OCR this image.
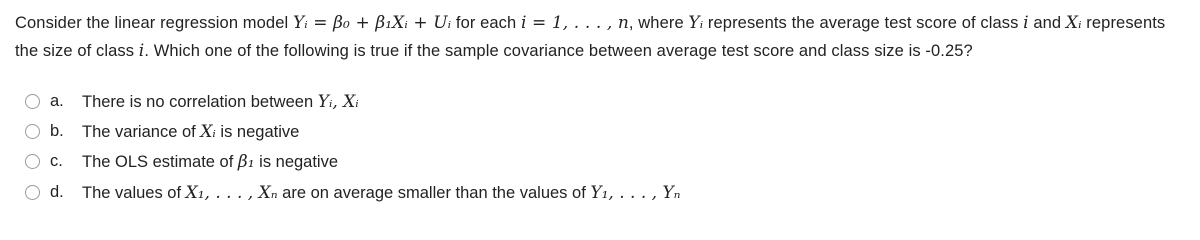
Consider the linear regression model Yᵢ = β₀ + β₁Xᵢ + Uᵢ for each i = 1, . . . , n, where Yᵢ represents the average test score of class i and Xᵢ represents the size of class i. Which one of the following is true if the sample covariance between average test score and class size is -0.25?
a.	There is no correlation between Yᵢ, Xᵢ
b.	The variance of Xᵢ is negative
c.	The OLS estimate of β₁ is negative
d.	The values of X₁, . . . , Xₙ are on average smaller than the values of Y₁, . . . , Yₙ
